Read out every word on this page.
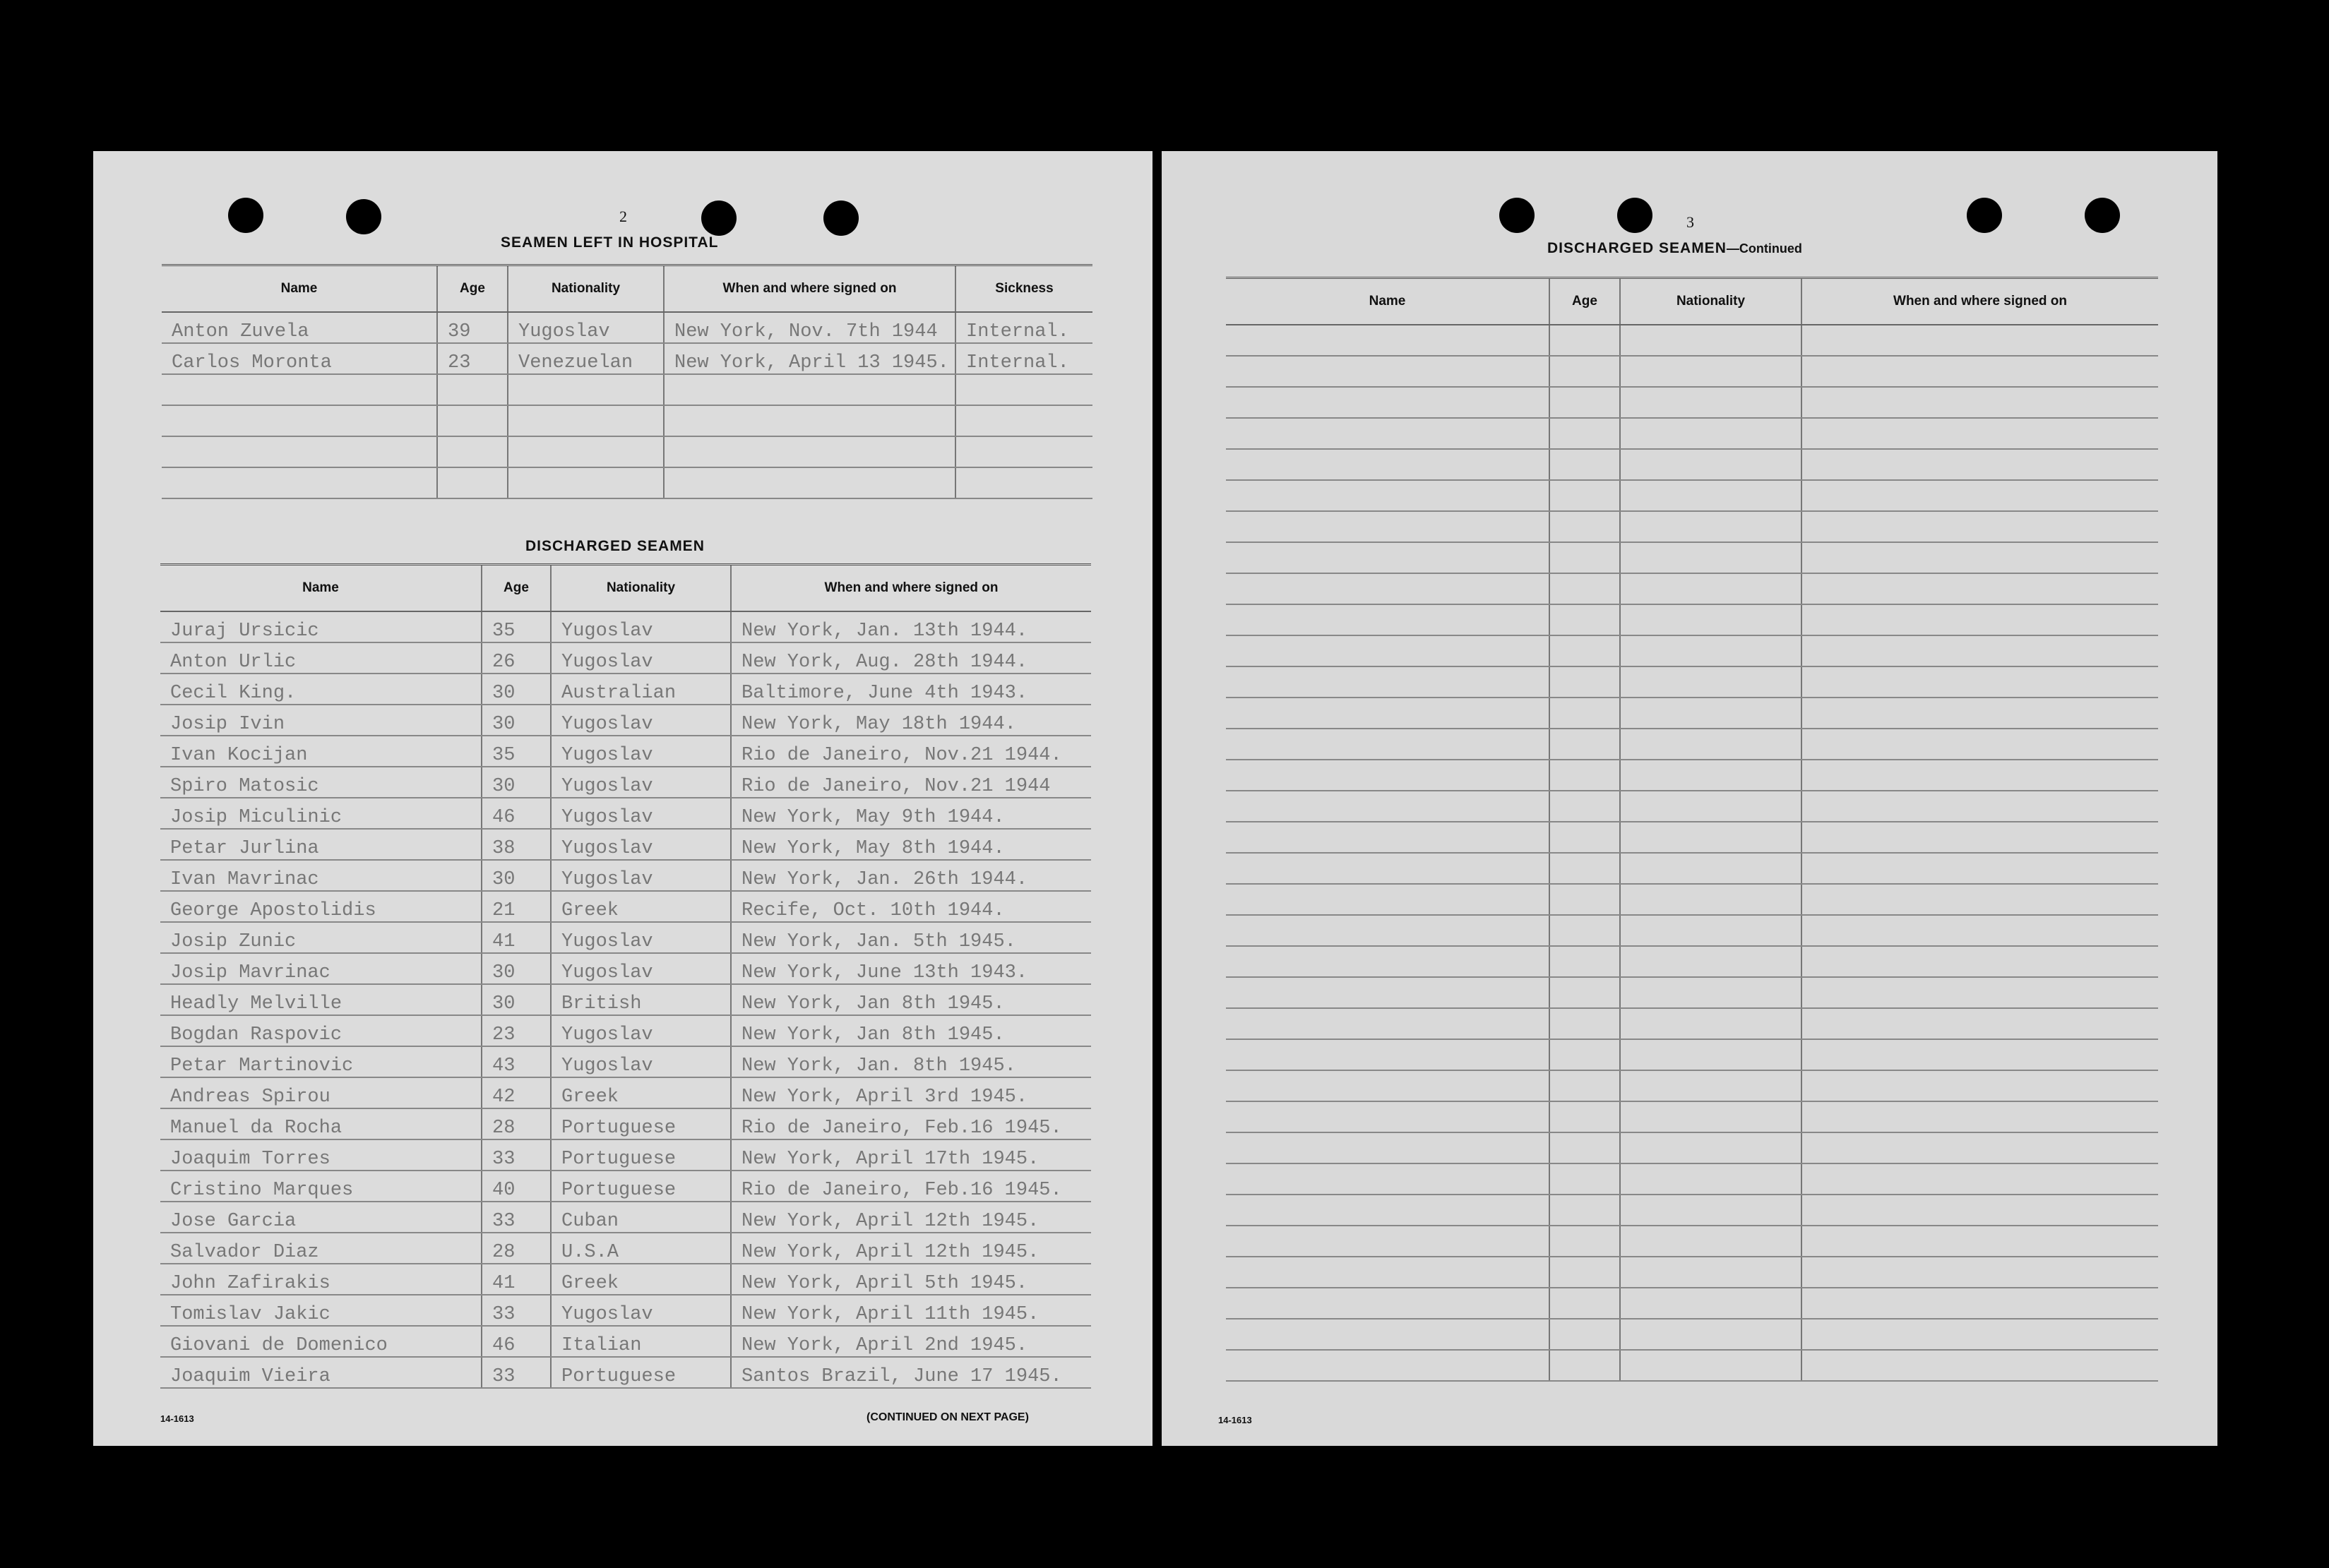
2
SEAMEN LEFT IN HOSPITAL
Name	Age	Nationality	When and where signed on	Sickness
Anton Zuvela	39	Yugoslav	New York, Nov. 7th 1944	Internal.
Carlos Moronta	23	Venezuelan	New York, April 13 1945.	Internal.

DISCHARGED SEAMEN
Name	Age	Nationality	When and where signed on
Juraj Ursicic	35	Yugoslav	New York, Jan. 13th 1944.
Anton Urlic	26	Yugoslav	New York, Aug. 28th 1944.
Cecil King.	30	Australian	Baltimore, June 4th 1943.
Josip Ivin	30	Yugoslav	New York, May 18th 1944.
Ivan Kocijan	35	Yugoslav	Rio de Janeiro, Nov.21 1944.
Spiro Matosic	30	Yugoslav	Rio de Janeiro, Nov.21 1944
Josip Miculinic	46	Yugoslav	New York, May 9th 1944.
Petar Jurlina	38	Yugoslav	New York, May 8th 1944.
Ivan Mavrinac	30	Yugoslav	New York, Jan. 26th 1944.
George Apostolidis	21	Greek	Recife, Oct. 10th 1944.
Josip Zunic	41	Yugoslav	New York, Jan. 5th 1945.
Josip Mavrinac	30	Yugoslav	New York, June 13th 1943.
Headly Melville	30	British	New York, Jan 8th 1945.
Bogdan Raspovic	23	Yugoslav	New York, Jan 8th 1945.
Petar Martinovic	43	Yugoslav	New York, Jan. 8th 1945.
Andreas Spirou	42	Greek	New York, April 3rd 1945.
Manuel da Rocha	28	Portuguese	Rio de Janeiro, Feb.16 1945.
Joaquim Torres	33	Portuguese	New York, April 17th 1945.
Cristino Marques	40	Portuguese	Rio de Janeiro, Feb.16 1945.
Jose Garcia	33	Cuban	New York, April 12th 1945.
Salvador Diaz	28	U.S.A	New York, April 12th 1945.
John Zafirakis	41	Greek	New York, April 5th 1945.
Tomislav Jakic	33	Yugoslav	New York, April 11th 1945.
Giovani de Domenico	46	Italian	New York, April 2nd 1945.
Joaquim Vieira	33	Portuguese	Santos Brazil, June 17 1945.
14-1613	(CONTINUED ON NEXT PAGE)
3
DISCHARGED SEAMEN—Continued
Name	Age	Nationality	When and where signed on

14-1613
